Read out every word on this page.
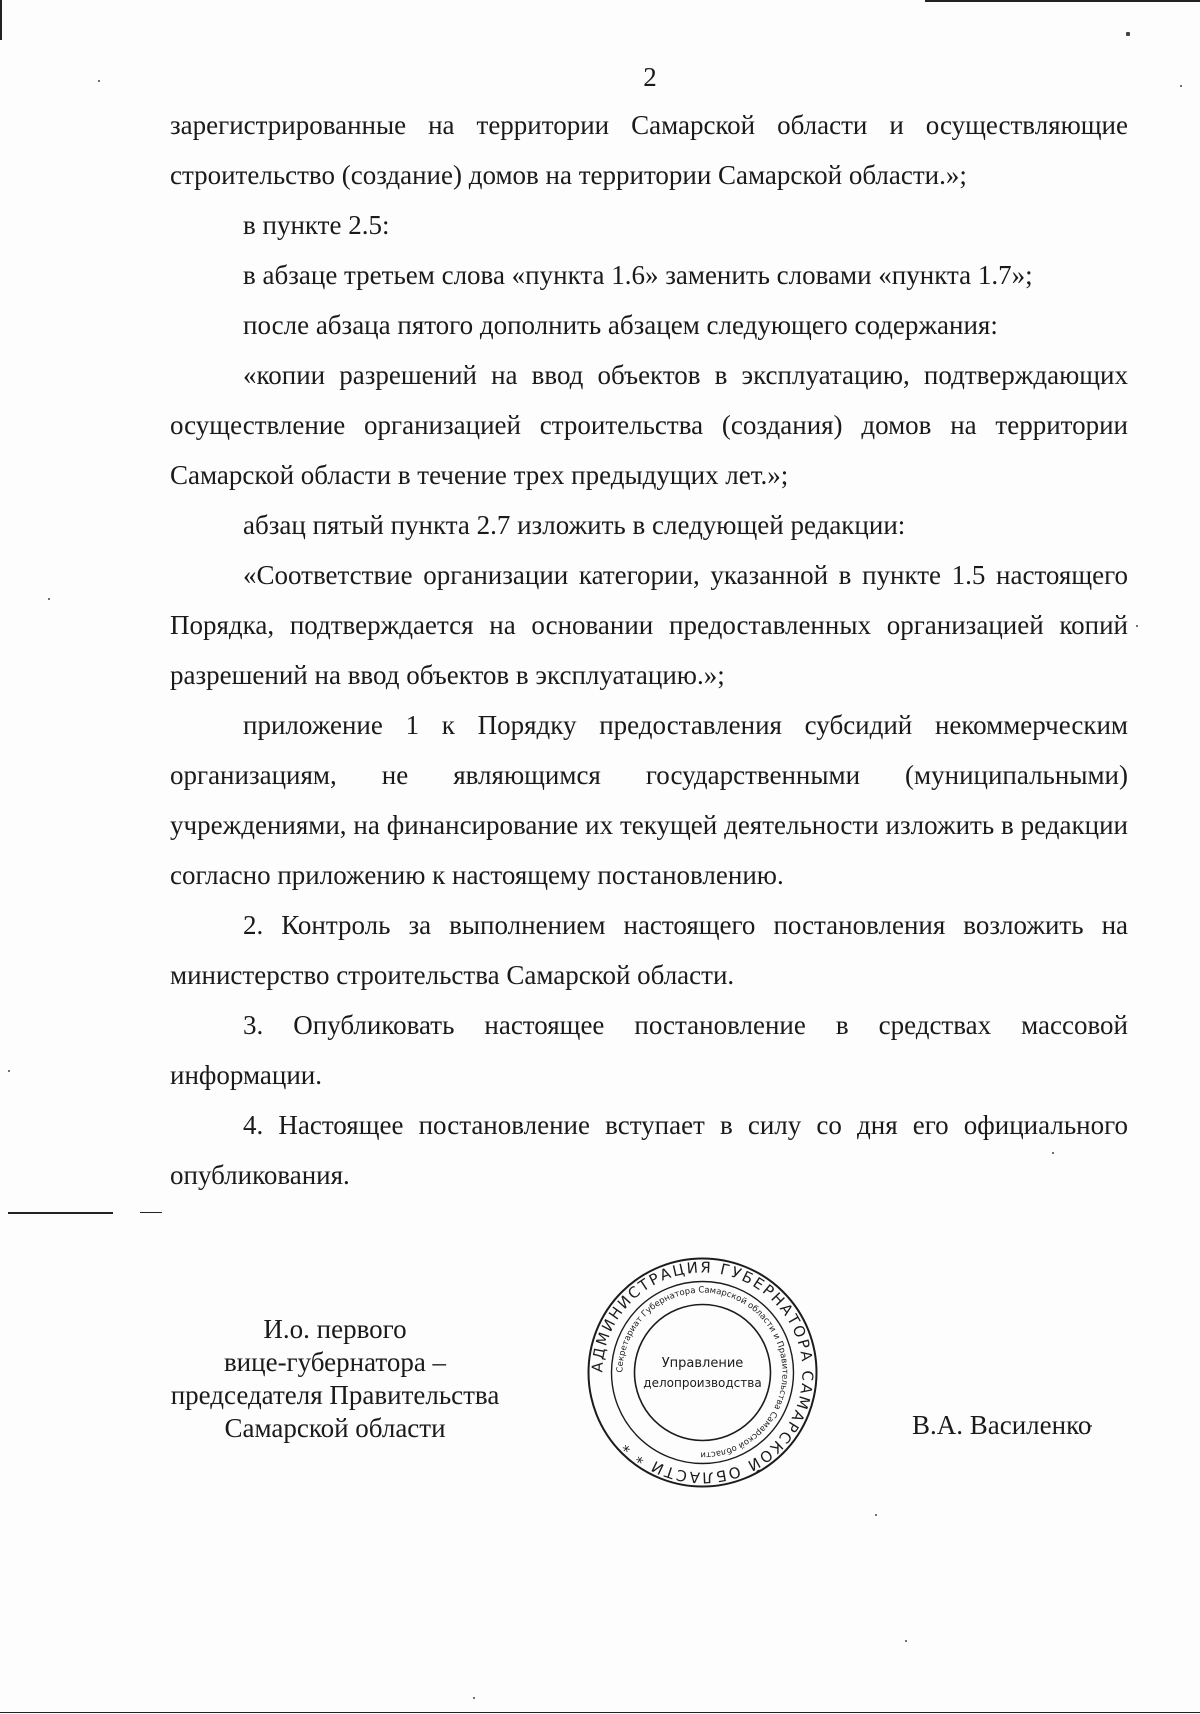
2

зарегистрированные на территории Самарской области и осуществляющие строительство (создание) домов на территории Самарской области.»;

в пункте 2.5:

в абзаце третьем слова «пункта 1.6» заменить словами «пункта 1.7»;

после абзаца пятого дополнить абзацем следующего содержания:

«копии разрешений на ввод объектов в эксплуатацию, подтверждающих осуществление организацией строительства (создания) домов на территории Самарской области в течение трех предыдущих лет.»;

абзац пятый пункта 2.7 изложить в следующей редакции:

«Соответствие организации категории, указанной в пункте 1.5 настоящего Порядка, подтверждается на основании предоставленных организацией копий разрешений на ввод объектов в эксплуатацию.»;

приложение 1 к Порядку предоставления субсидий некоммерческим организациям, не являющимся государственными (муниципальными) учреждениями, на финансирование их текущей деятельности изложить в редакции согласно приложению к настоящему постановлению.

2. Контроль за выполнением настоящего постановления возложить на министерство строительства Самарской области.

3. Опубликовать настоящее постановление в средствах массовой информации.

4. Настоящее постановление вступает в силу со дня его официального опубликования.

И.о. первого
вице-губернатора –
председателя Правительства
Самарской области
АДМИНИСТРАЦИЯ ГУБЕРНАТОРА САМАРСКОЙ ОБЛАСТИ * *
Секретариат Губернатора Самарской области и Правительства Самарской области
Управление
делопроизводства
В.А. Василенко
